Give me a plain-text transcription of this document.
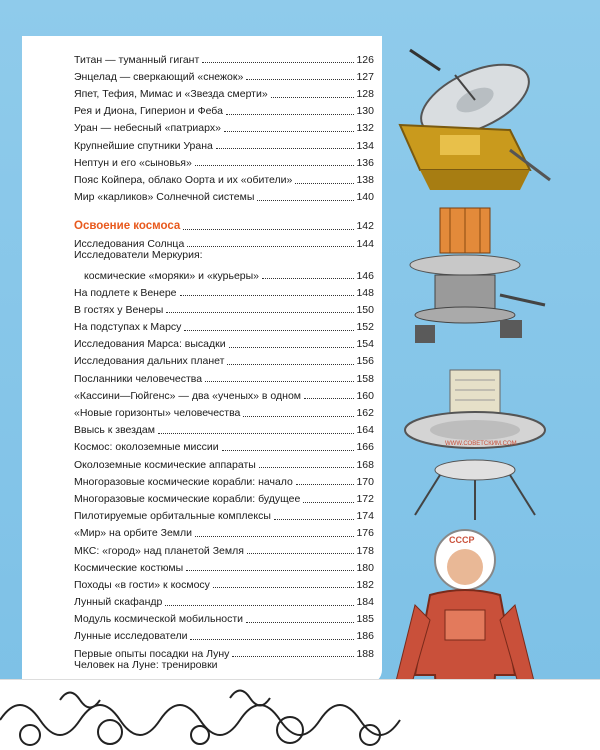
Титан — туманный гигант	126
Энцелад — сверкающий «снежок»	127
Япет, Тефия, Мимас и «Звезда смерти»	128
Рея и Диона, Гиперион и Феба	130
Уран — небесный «патриарх»	132
Крупнейшие спутники Урана	134
Нептун и его «сыновья»	136
Пояс Койпера, облако Оорта и их «обители»	138
Мир «карликов» Солнечной системы	140
Освоение космоса	142
Исследования Солнца	144
Исследователи Меркурия:
космические «моряки» и «курьеры»	146
На подлете к Венере	148
В гостях у Венеры	150
На подступах к Марсу	152
Исследования Марса: высадки	154
Исследования дальних планет	156
Посланники человечества	158
«Кассини—Гюйгенс» — два «ученых» в одном	160
«Новые горизонты» человечества	162
Ввысь к звездам	164
Космос: околоземные миссии	166
Околоземные космические аппараты	168
Многоразовые космические корабли: начало	170
Многоразовые космические корабли: будущее	172
Пилотируемые орбитальные комплексы	174
«Мир» на орбите Земли	176
МКС: «город» над планетой Земля	178
Космические костюмы	180
Походы «в гости» к космосу	182
Лунный скафандр	184
Модуль космической мобильности	185
Лунные исследователи	186
Первые опыты посадки на Луну	188
Человек на Луне: тренировки
перед колонизацией	190
WWW.СОВЕТСКИМ.COM
СССР
